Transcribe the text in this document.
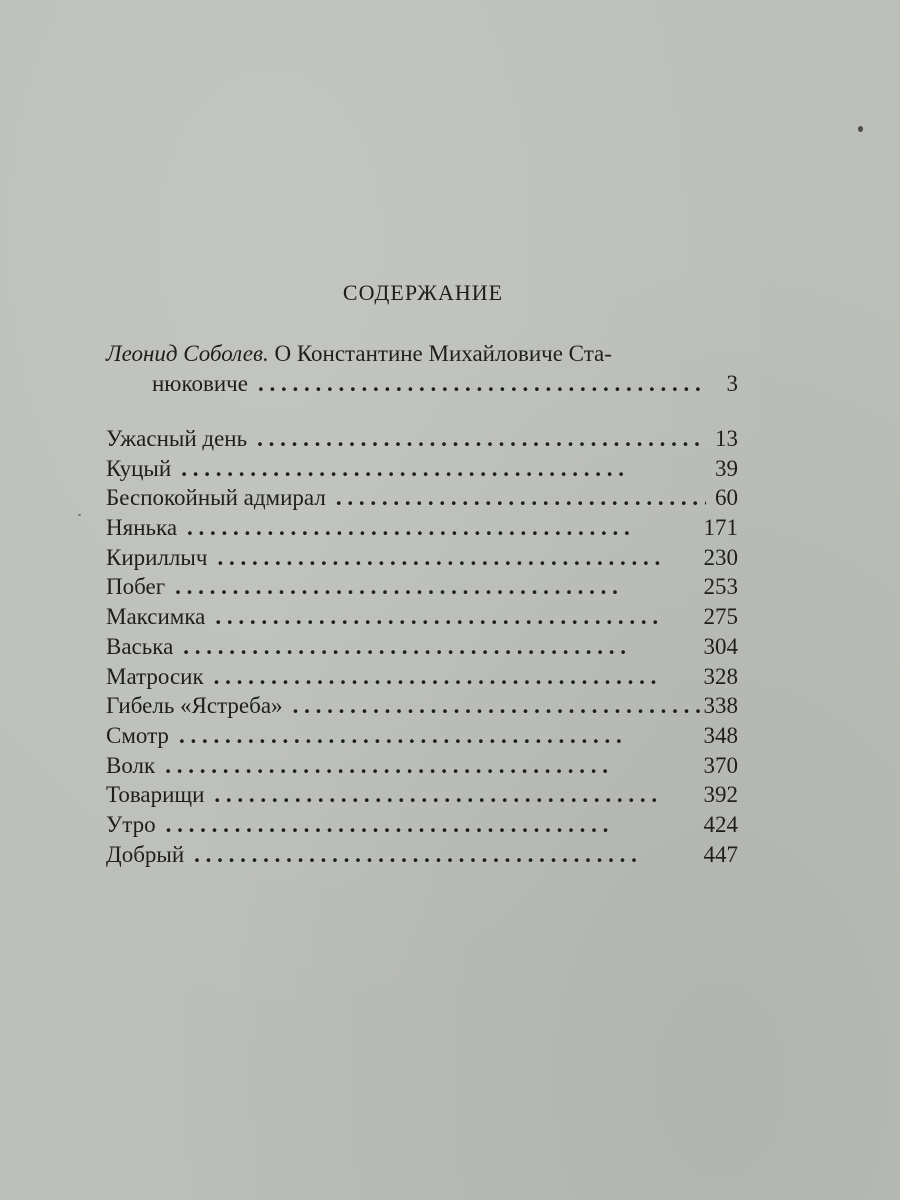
СОДЕРЖАНИЕ
Леонид Соболев. О Константине Михайловиче Ста-
нюковиче . .	3
Ужасный день . .	13
Куцый . .	39
Беспокойный адмирал . .	60
Нянька . .	171
Кириллыч . .	230
Побег . .	253
Максимка . .	275
Васька . .	304
Матросик . .	328
Гибель «Ястреба» . .	338
Смотр . .	348
Волк . .	370
Товарищи . .	392
Утро . .	424
Добрый . .	447
